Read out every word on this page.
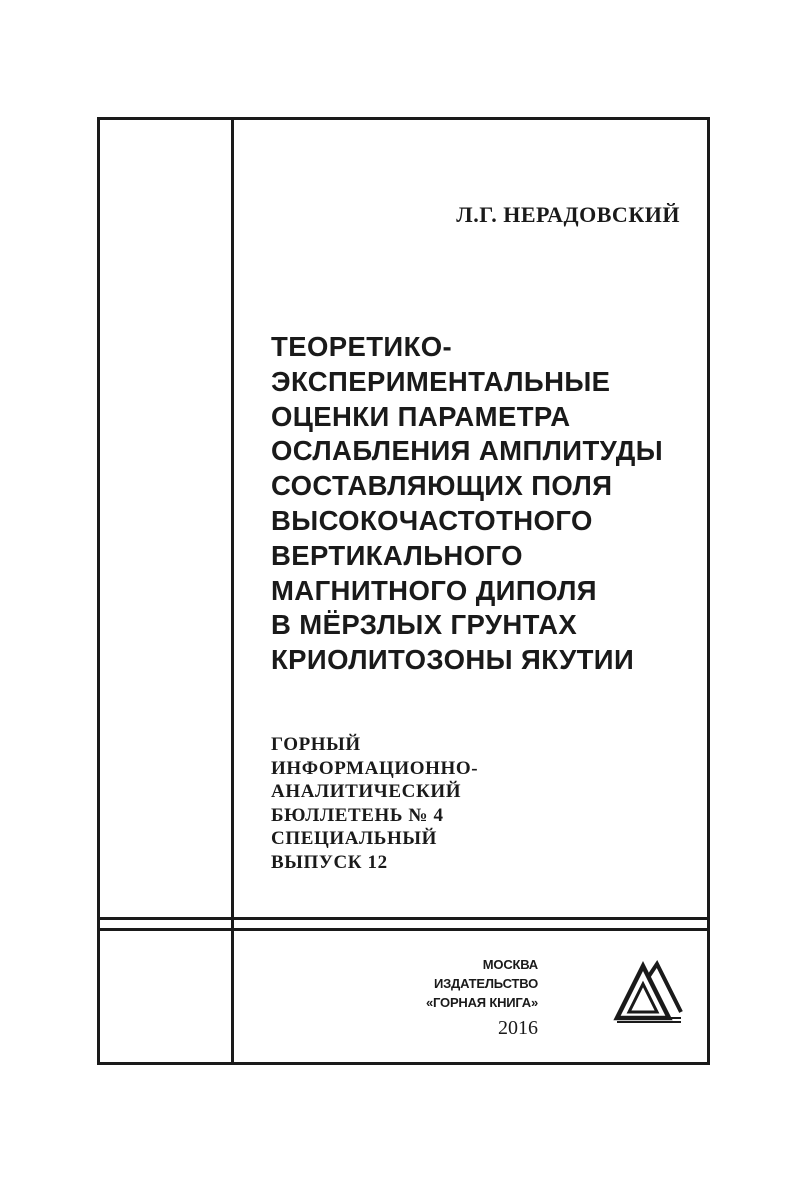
Л.Г. НЕРАДОВСКИЙ

ТЕОРЕТИКО-
ЭКСПЕРИМЕНТАЛЬНЫЕ
ОЦЕНКИ ПАРАМЕТРА
ОСЛАБЛЕНИЯ АМПЛИТУДЫ
СОСТАВЛЯЮЩИХ ПОЛЯ
ВЫСОКОЧАСТОТНОГО
ВЕРТИКАЛЬНОГО
МАГНИТНОГО ДИПОЛЯ
В МЁРЗЛЫХ ГРУНТАХ
КРИОЛИТОЗОНЫ ЯКУТИИ

ГОРНЫЙ
ИНФОРМАЦИОННО-
АНАЛИТИЧЕСКИЙ
БЮЛЛЕТЕНЬ № 4
СПЕЦИАЛЬНЫЙ
ВЫПУСК 12

МОСКВА
ИЗДАТЕЛЬСТВО
«ГОРНАЯ КНИГА»
2016
